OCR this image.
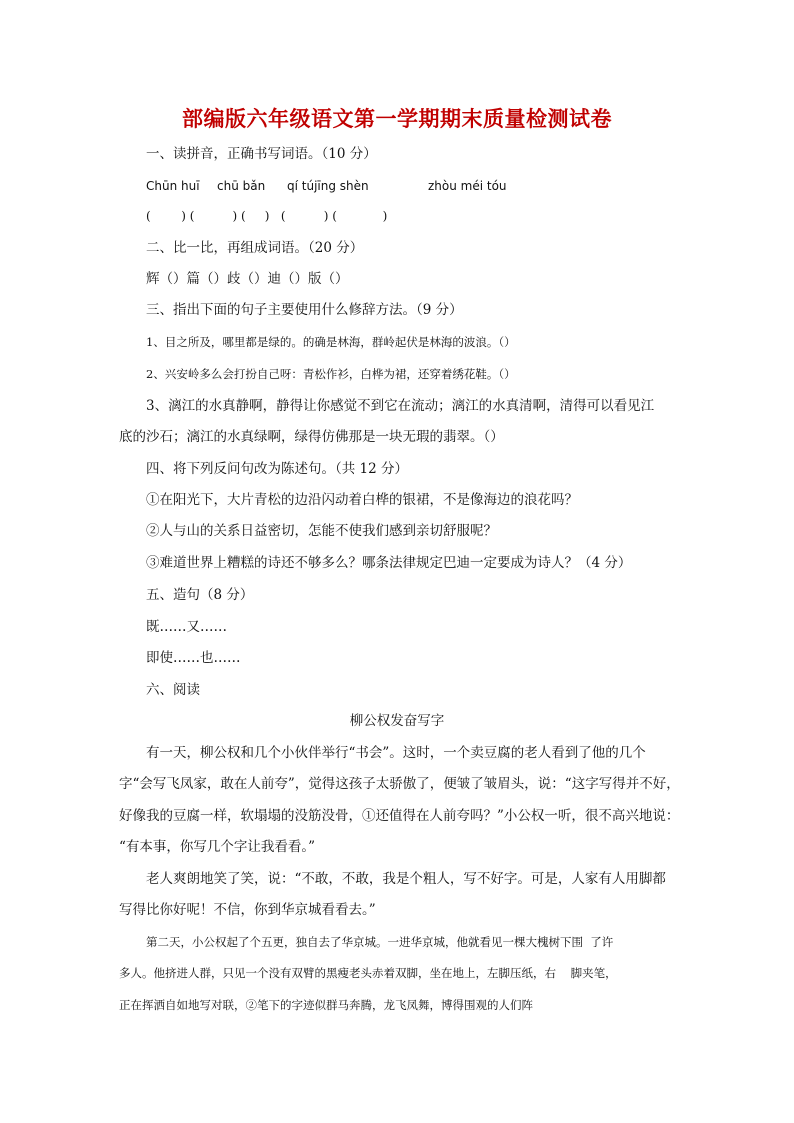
部编版六年级语文第一学期期末质量检测试卷
一、读拼音，正确书写词语。（10 分）
Chūn huī chū bǎn qí tújīng shèn	zhòu méi tóu
(        ) (          ) (     )   (          ) (            )
二、比一比，再组成词语。（20 分）
辉（）篇（）歧（）迪（）版（）
三、指出下面的句子主要使用什么修辞方法。（9 分）
1、目之所及，哪里都是绿的。的确是林海，群岭起伏是林海的波浪。（）
2、兴安岭多么会打扮自己呀：青松作衫，白桦为裙，还穿着绣花鞋。（）
3、漓江的水真静啊，静得让你感觉不到它在流动；漓江的水真清啊，清得可以看见江
底的沙石；漓江的水真绿啊，绿得仿佛那是一块无瑕的翡翠。（）
四、将下列反问句改为陈述句。（共 12 分）
①在阳光下，大片青松的边沿闪动着白桦的银裙，不是像海边的浪花吗？
②人与山的关系日益密切，怎能不使我们感到亲切舒服呢？
③难道世界上糟糕的诗还不够多么？哪条法律规定巴迪一定要成为诗人？（4 分）
五、造句（8 分）
既……又……
即使……也……
六、阅读
柳公权发奋写字
有一天，柳公权和几个小伙伴举行“书会”。这时，一个卖豆腐的老人看到了他的几个
字“会写飞凤家，敢在人前夸”，觉得这孩子太骄傲了，便皱了皱眉头，说：“这字写得并不好，
好像我的豆腐一样，软塌塌的没筋没骨，①还值得在人前夸吗？”小公权一听，很不高兴地说：
“有本事，你写几个字让我看看。”
老人爽朗地笑了笑，说：“不敢，不敢，我是个粗人，写不好字。可是，人家有人用脚都
写得比你好呢！不信，你到华京城看看去。”
第二天，小公权起了个五更，独自去了华京城。一进华京城，他就看见一棵大槐树下围  了许
多人。他挤进人群，只见一个没有双臂的黑瘦老头赤着双脚，坐在地上，左脚压纸，右    脚夹笔，
正在挥洒自如地写对联，②笔下的字迹似群马奔腾，龙飞凤舞，博得围观的人们阵
